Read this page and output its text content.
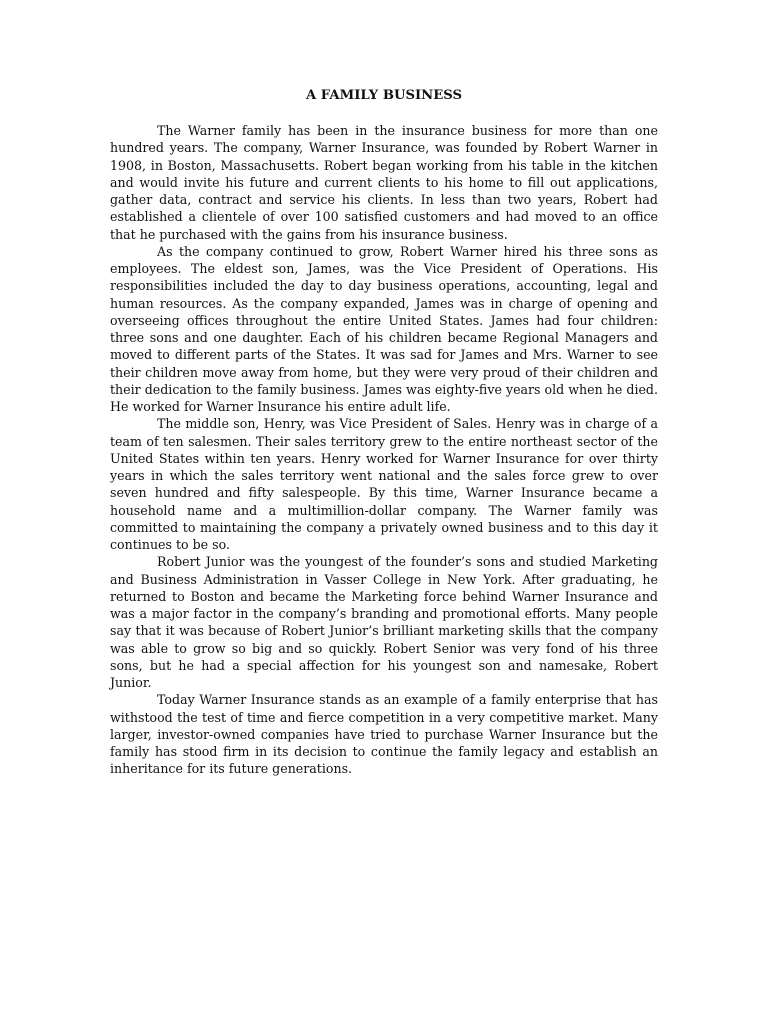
A FAMILY BUSINESS

The Warner family has been in the insurance business for more than one hundred years. The company, Warner Insurance, was founded by Robert Warner in 1908, in Boston, Massachusetts. Robert began working from his table in the kitchen and would invite his future and current clients to his home to fill out applications, gather data, contract and service his clients. In less than two years, Robert had established a clientele of over 100 satisfied customers and had moved to an office that he purchased with the gains from his insurance business.

As the company continued to grow, Robert Warner hired his three sons as employees. The eldest son, James, was the Vice President of Operations. His responsibilities included the day to day business operations, accounting, legal and human resources. As the company expanded, James was in charge of opening and overseeing offices throughout the entire United States. James had four children: three sons and one daughter. Each of his children became Regional Managers and moved to different parts of the States. It was sad for James and Mrs. Warner to see their children move away from home, but they were very proud of their children and their dedication to the family business. James was eighty-five years old when he died. He worked for Warner Insurance his entire adult life.

The middle son, Henry, was Vice President of Sales. Henry was in charge of a team of ten salesmen. Their sales territory grew to the entire northeast sector of the United States within ten years. Henry worked for Warner Insurance for over thirty years in which the sales territory went national and the sales force grew to over seven hundred and fifty salespeople. By this time, Warner Insurance became a household name and a multimillion-dollar company. The Warner family was committed to maintaining the company a privately owned business and to this day it continues to be so.

Robert Junior was the youngest of the founder’s sons and studied Marketing and Business Administration in Vasser College in New York. After graduating, he returned to Boston and became the Marketing force behind Warner Insurance and was a major factor in the company’s branding and promotional efforts. Many people say that it was because of Robert Junior’s brilliant marketing skills that the company was able to grow so big and so quickly. Robert Senior was very fond of his three sons, but he had a special affection for his youngest son and namesake, Robert Junior.

Today Warner Insurance stands as an example of a family enterprise that has withstood the test of time and fierce competition in a very competitive market. Many larger, investor-owned companies have tried to purchase Warner Insurance but the family has stood firm in its decision to continue the family legacy and establish an inheritance for its future generations.
